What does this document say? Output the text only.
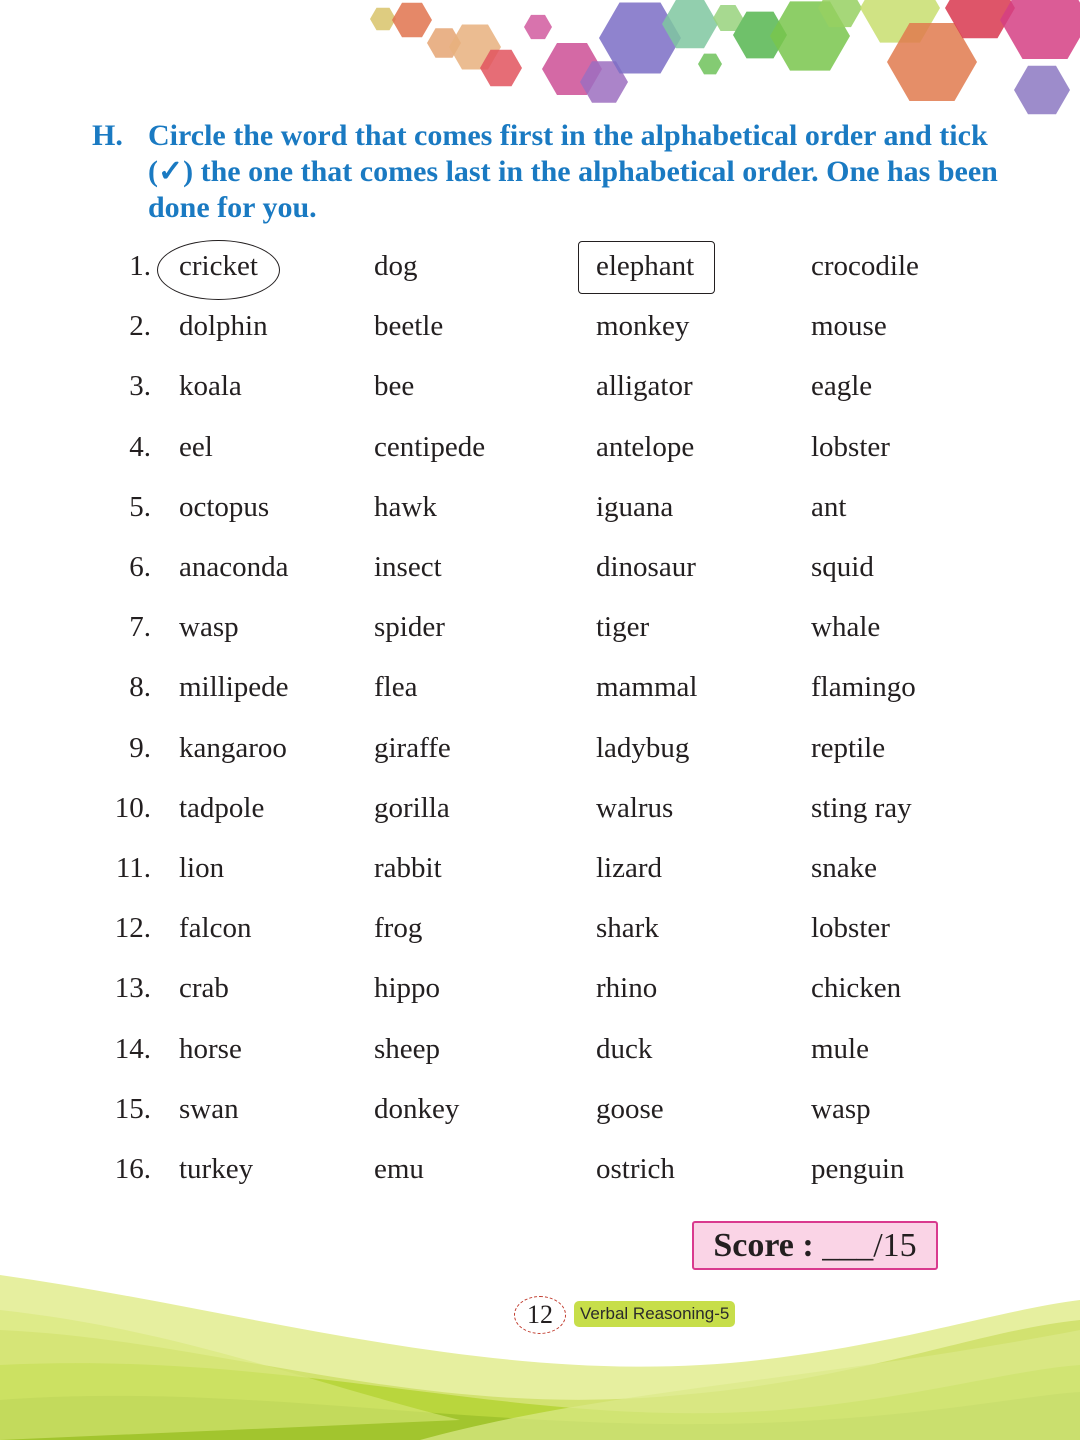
H. Circle the word that comes first in the alphabetical order and tick (✓) the one that comes last in the alphabetical order. One has been done for you.
1. cricket	dog	elephant	crocodile
2. dolphin	beetle	monkey	mouse
3. koala	bee	alligator	eagle
4. eel	centipede	antelope	lobster
5. octopus	hawk	iguana	ant
6. anaconda	insect	dinosaur	squid
7. wasp	spider	tiger	whale
8. millipede	flea	mammal	flamingo
9. kangaroo	giraffe	ladybug	reptile
10. tadpole	gorilla	walrus	sting ray
11. lion	rabbit	lizard	snake
12. falcon	frog	shark	lobster
13. crab	hippo	rhino	chicken
14. horse	sheep	duck	mule
15. swan	donkey	goose	wasp
16. turkey	emu	ostrich	penguin
Score : ___/15
12	Verbal Reasoning-5
